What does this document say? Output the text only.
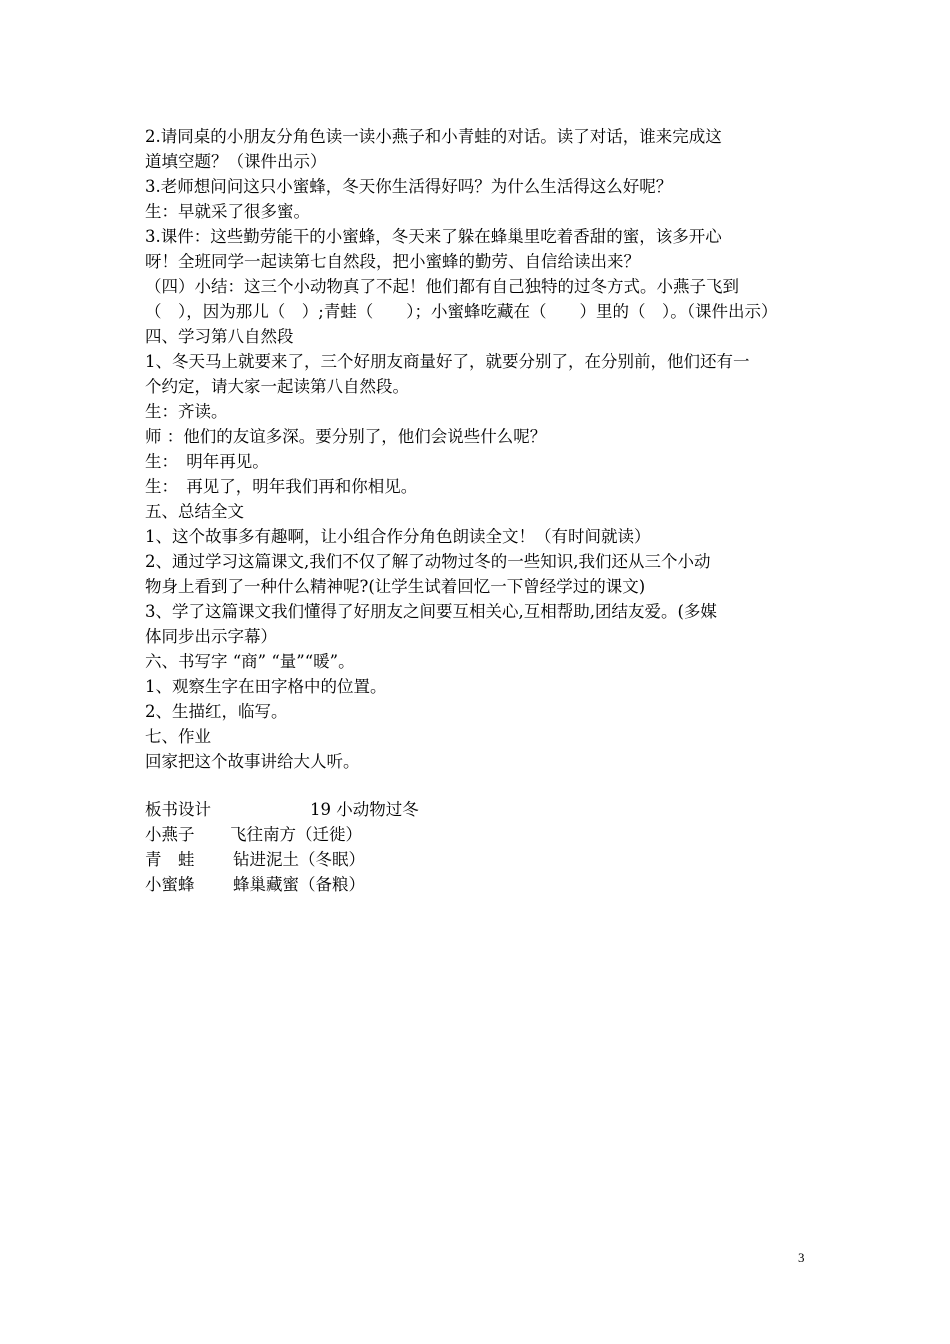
2.请同桌的小朋友分角色读一读小燕子和小青蛙的对话。读了对话，谁来完成这
道填空题？（课件出示）
3.老师想问问这只小蜜蜂，冬天你生活得好吗？为什么生活得这么好呢？
生：早就采了很多蜜。
3.课件：这些勤劳能干的小蜜蜂，冬天来了躲在蜂巢里吃着香甜的蜜，该多开心
呀！全班同学一起读第七自然段，把小蜜蜂的勤劳、自信给读出来？
（四）小结：这三个小动物真了不起！他们都有自己独特的过冬方式。小燕子飞到
（　），因为那儿（　）;青蛙（　　）；小蜜蜂吃藏在（　　）里的（　）。（课件出示）
四、学习第八自然段
1、冬天马上就要来了，三个好朋友商量好了，就要分别了，在分别前，他们还有一
个约定，请大家一起读第八自然段。
生：齐读。
师 ：他们的友谊多深。要分别了，他们会说些什么呢？
生：　明年再见。
生：　再见了，明年我们再和你相见。
五、总结全文
1、这个故事多有趣啊，让小组合作分角色朗读全文！（有时间就读）
2、通过学习这篇课文,我们不仅了解了动物过冬的一些知识,我们还从三个小动
物身上看到了一种什么精神呢?(让学生试着回忆一下曾经学过的课文)
3、学了这篇课文我们懂得了好朋友之间要互相关心,互相帮助,团结友爱。(多媒
体同步出示字幕）
六、书写字 “商” “量”“暖”。
1、观察生字在田字格中的位置。
2、生描红，临写。
七、作业
回家把这个故事讲给大人听。
板书设计	19 小动物过冬
小燕子	飞往南方（迁徙）
青　蛙	钻进泥土（冬眠）
小蜜蜂	蜂巢藏蜜（备粮）
3
